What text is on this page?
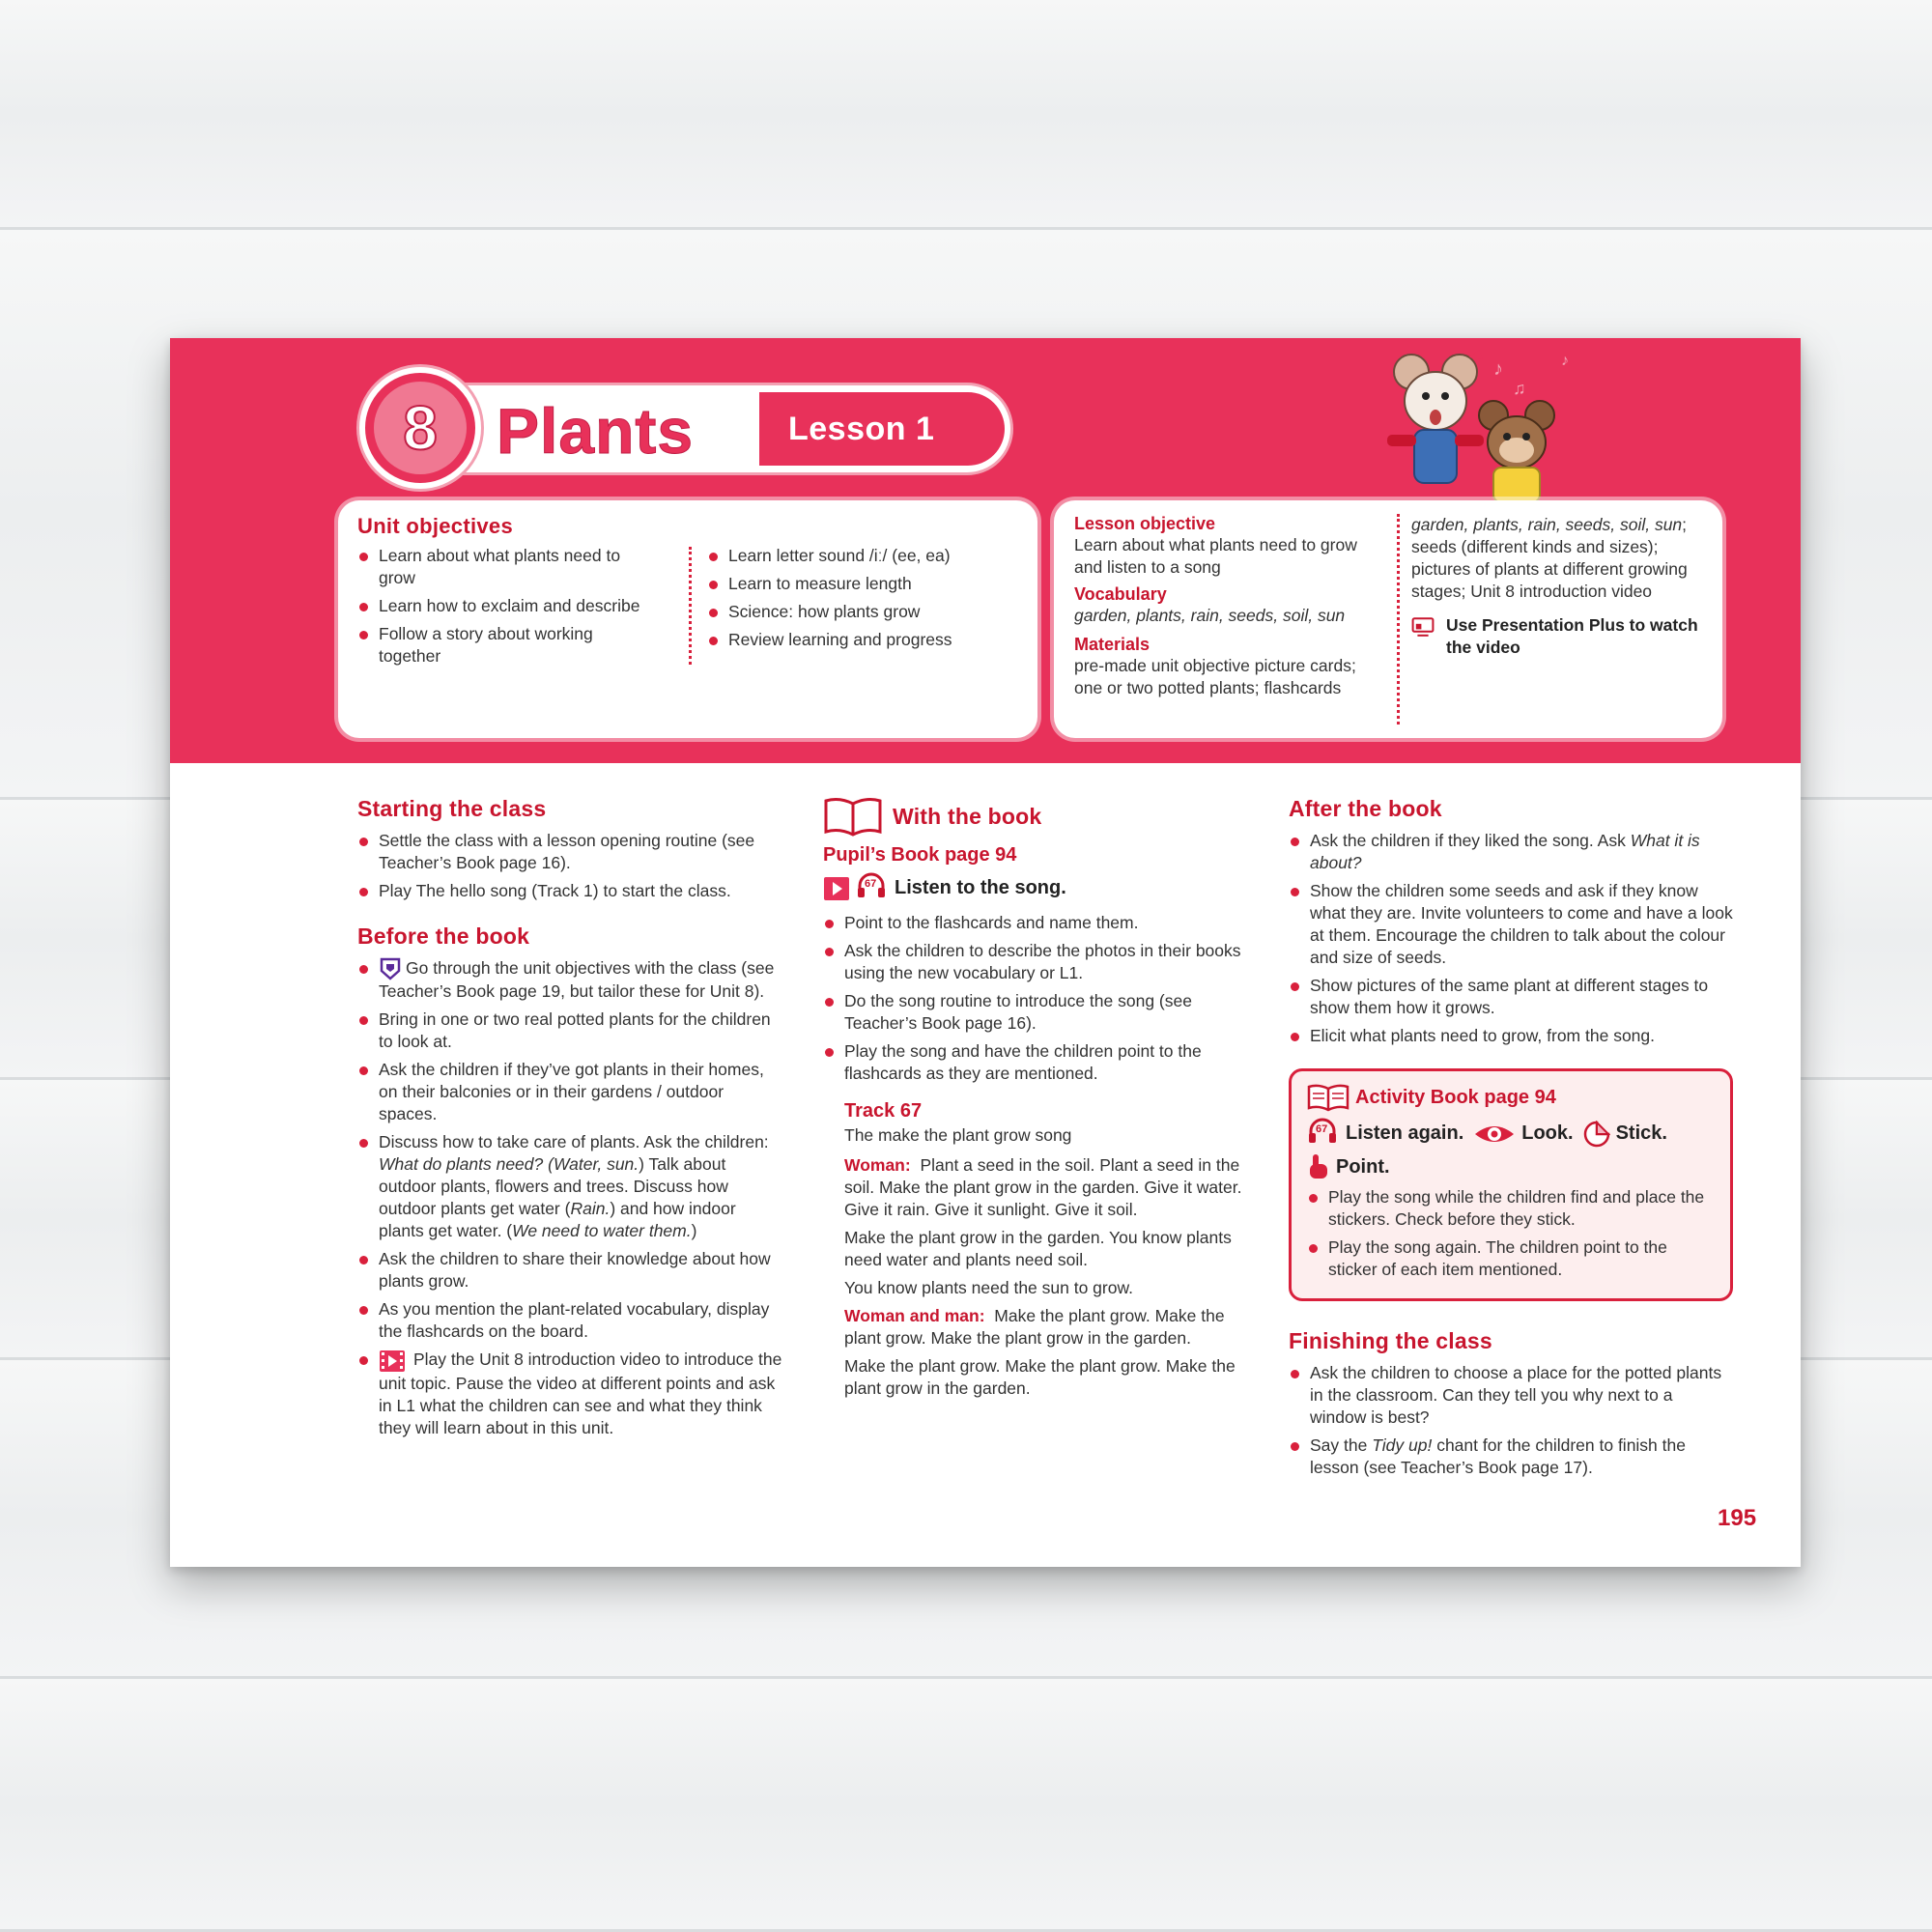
Lesson 1
8 Plants
♪
♫
♪
Unit objectives
Learn about what plants need to grow
Learn how to exclaim and describe
Follow a story about working together
Learn letter sound /iː/ (ee, ea)
Learn to measure length
Science: how plants grow
Review learning and progress
Lesson objective
Learn about what plants need to grow and listen to a song
Vocabulary
garden, plants, rain, seeds, soil, sun
Materials
pre-made unit objective picture cards; one or two potted plants; flashcards
garden, plants, rain, seeds, soil, sun; seeds (different kinds and sizes); pictures of plants at different growing stages; Unit 8 introduction video
Use Presentation Plus to watch the video
Starting the class
Settle the class with a lesson opening routine (see Teacher’s Book page 16).
Play The hello song (Track 1) to start the class.
Before the book
Go through the unit objectives with the class (see Teacher’s Book page 19, but tailor these for Unit 8).
Bring in one or two real potted plants for the children to look at.
Ask the children if they’ve got plants in their homes, on their balconies or in their gardens / outdoor spaces.
Discuss how to take care of plants. Ask the children: What do plants need? (Water, sun.) Talk about outdoor plants, flowers and trees. Discuss how outdoor plants get water (Rain.) and how indoor plants get water. (We need to water them.)
Ask the children to share their knowledge about how plants grow.
As you mention the plant-related vocabulary, display the flashcards on the board.
Play the Unit 8 introduction video to introduce the unit topic. Pause the video at different points and ask in L1 what the children can see and what they think they will learn about in this unit.
With the book
Pupil’s Book page 94
67 Listen to the song.
Point to the flashcards and name them.
Ask the children to describe the photos in their books using the new vocabulary or L1.
Do the song routine to introduce the song (see Teacher’s Book page 16).
Play the song and have the children point to the flashcards as they are mentioned.
Track 67
The make the plant grow song
Woman: Plant a seed in the soil. Plant a seed in the soil. Make the plant grow in the garden. Give it water. Give it rain. Give it sunlight. Give it soil.
Make the plant grow in the garden. You know plants need water and plants need soil.
You know plants need the sun to grow.
Woman and man: Make the plant grow. Make the plant grow. Make the plant grow in the garden.
Make the plant grow. Make the plant grow. Make the plant grow in the garden.
After the book
Ask the children if they liked the song. Ask What it is about?
Show the children some seeds and ask if they know what they are. Invite volunteers to come and have a look at them. Encourage the children to talk about the colour and size of seeds.
Show pictures of the same plant at different stages to show them how it grows.
Elicit what plants need to grow, from the song.
Activity Book page 94
67 Listen again.	Look. Stick.
Point.
Play the song while the children find and place the stickers. Check before they stick.
Play the song again. The children point to the sticker of each item mentioned.
Finishing the class
Ask the children to choose a place for the potted plants in the classroom. Can they tell you why next to a window is best?
Say the Tidy up! chant for the children to finish the lesson (see Teacher’s Book page 17).
195
